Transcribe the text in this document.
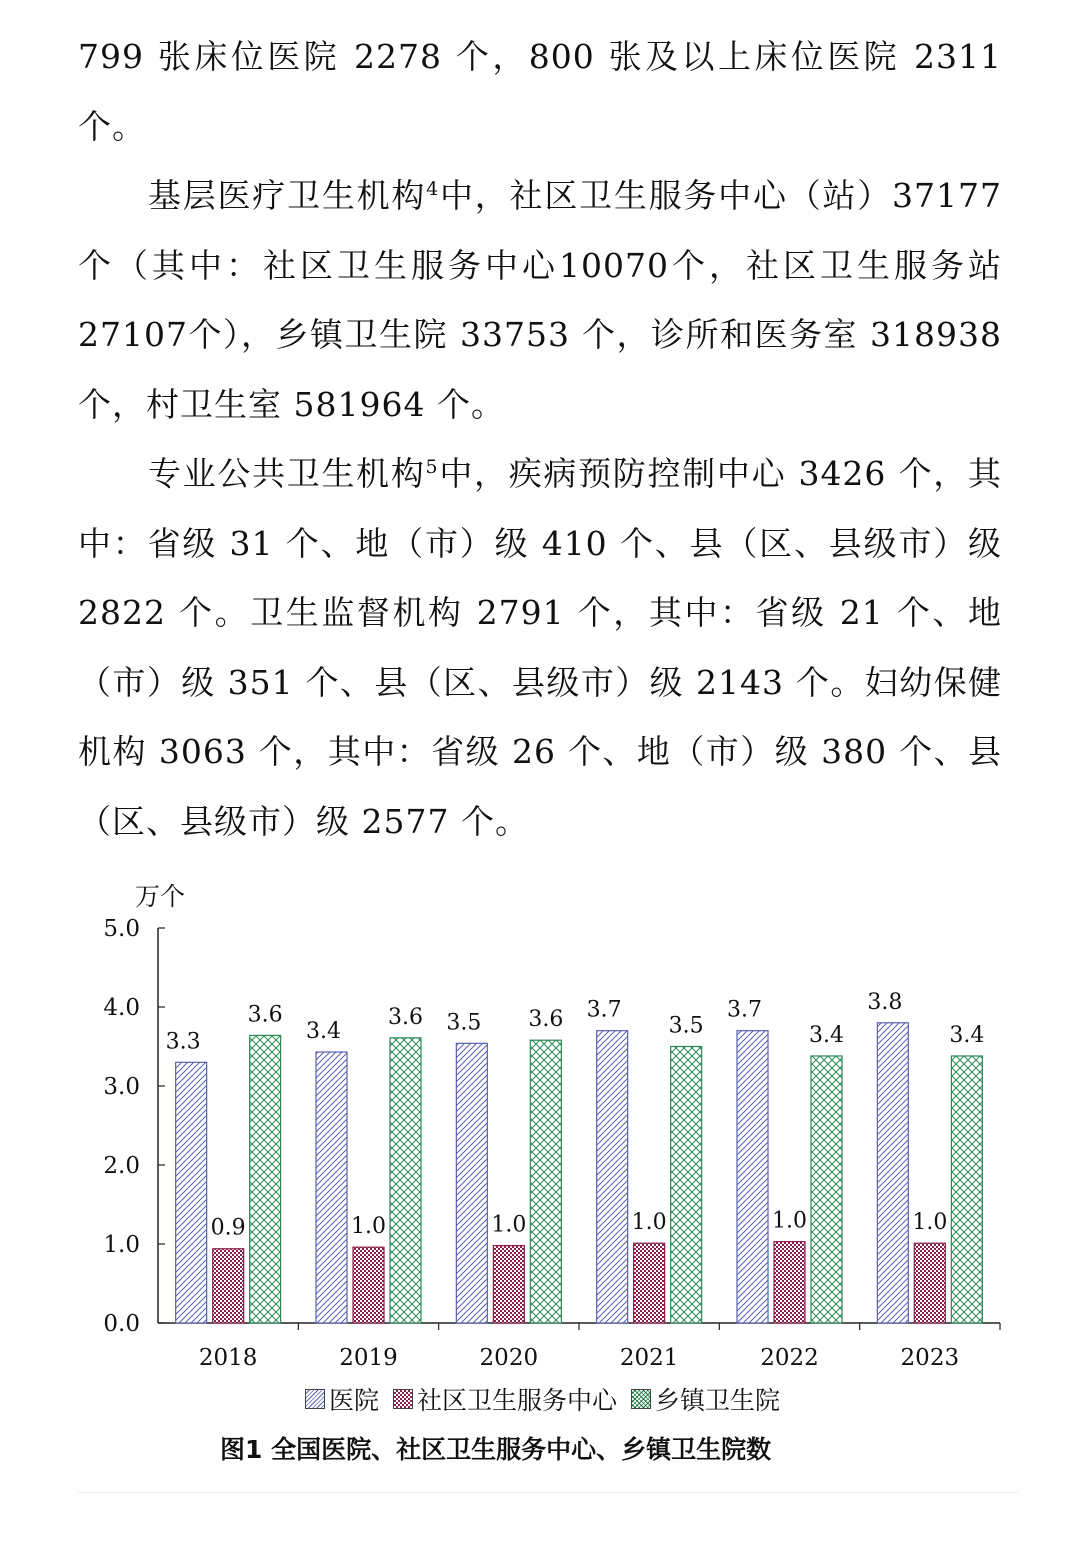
799 张床位医院 2278 个，800 张及以上床位医院 2311 个。

基层医疗卫生机构$^4$中，社区卫生服务中心（站）37177个（其中：社区卫生服务中心10070个，社区卫生服务站27107个），乡镇卫生院 33753 个，诊所和医务室 318938 个，村卫生室 581964 个。

专业公共卫生机构$^5$中，疾病预防控制中心 3426 个，其中：省级 31 个、地（市）级 410 个、县（区、县级市）级 2822 个。卫生监督机构 2791 个，其中：省级 21 个、地（市）级 351 个、县（区、县级市）级 2143 个。妇幼保健机构 3063 个，其中：省级 26 个、地（市）级 380 个、县（区、县级市）级 2577 个。

万个
0.0
1.0
2.0
3.0
4.0
5.0
2018	2019	2020	2021	2022	2023
3.3
0.9
3.6
3.4
1.0
3.6 3.5
1.0
3.6 3.7
1.0
3.5
3.7
1.0
3.4
3.8
1.0
3.4
医院 社区卫生服务中心 乡镇卫生院
图1 全国医院、社区卫生服务中心、乡镇卫生院数
